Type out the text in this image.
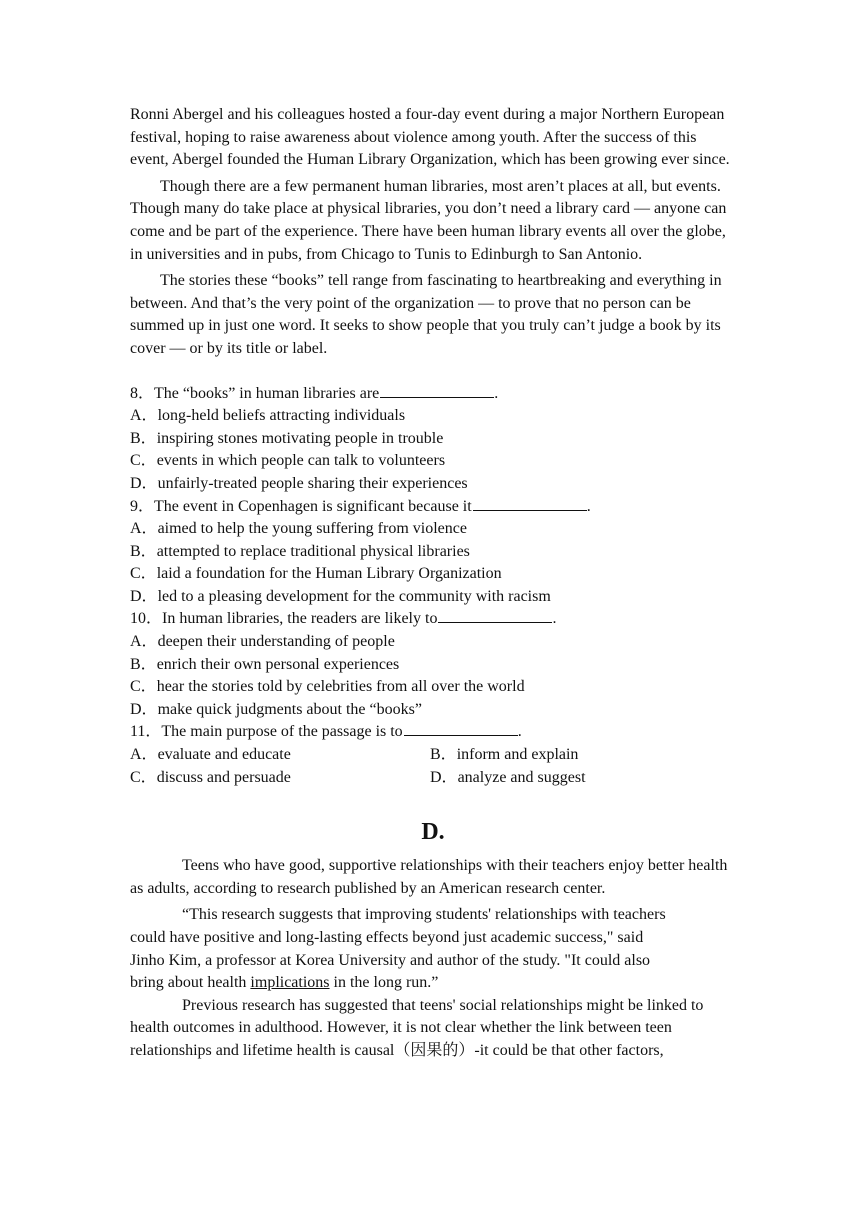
Ronni Abergel and his colleagues hosted a four-day event during a major Northern European festival, hoping to raise awareness about violence among youth. After the success of this event, Abergel founded the Human Library Organization, which has been growing ever since.

Though there are a few permanent human libraries, most aren’t places at all, but events. Though many do take place at physical libraries, you don’t need a library card — anyone can come and be part of the experience. There have been human library events all over the globe, in universities and in pubs, from Chicago to Tunis to Edinburgh to San Antonio.

The stories these “books” tell range from fascinating to heartbreaking and everything in between. And that’s the very point of the organization — to prove that no person can be summed up in just one word. It seeks to show people that you truly can’t judge a book by its cover — or by its title or label.

8．The “books” in human libraries are	.
A．long-held beliefs attracting individuals
B．inspiring stones motivating people in trouble
C．events in which people can talk to volunteers
D．unfairly-treated people sharing their experiences
9．The event in Copenhagen is significant because it	.
A．aimed to help the young suffering from violence
B．attempted to replace traditional physical libraries
C．laid a foundation for the Human Library Organization
D．led to a pleasing development for the community with racism
10．In human libraries, the readers are likely to	.
A．deepen their understanding of people
B．enrich their own personal experiences
C．hear the stories told by celebrities from all over the world
D．make quick judgments about the “books”
11．The main purpose of the passage is to	.
A．evaluate and educate	B．inform and explain
C．discuss and persuade	D．analyze and suggest
D.

Teens who have good, supportive relationships with their teachers enjoy better health as adults, according to research published by an American research center.

“This research suggests that improving students' relationships with teachers
could have positive and long-lasting effects beyond just academic success," said
Jinho Kim, a professor at Korea University and author of the study. "It could also
bring about health implications in the long run.”

Previous research has suggested that teens' social relationships might be linked to health outcomes in adulthood. However, it is not clear whether the link between teen relationships and lifetime health is causal（因果的）-it could be that other factors,
